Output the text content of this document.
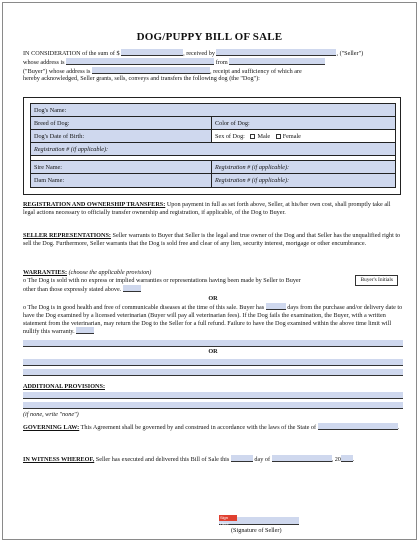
DOG/PUPPY BILL OF SALE
IN CONSIDERATION of the sum of $	, received by	, ("Seller")
whose address is	from
("Buyer") whose address is	, receipt and sufficiency of which are
hereby acknowledged, Seller grants, sells, conveys and transfers the following dog (the "Dog"):
Dog's Name:
Breed of Dog:	Color of Dog:
Dog's Date of Birth:	Sex of Dog: Male Female
Registration # (if applicable):
Sire Name:	Registration # (if applicable):
Dam Name:	Registration # (if applicable):
REGISTRATION AND OWNERSHIP TRANSFERS: Upon payment in full as set forth above, Seller, at his/her own cost, shall promptly take all legal actions necessary to officially transfer ownership and registration, if applicable, of the Dog to Buyer.
SELLER REPRESENTATIONS: Seller warrants to Buyer that Seller is the legal and true owner of the Dog and that Seller has the unqualified right to sell the Dog. Furthermore, Seller warrants that the Dog is sold free and clear of any lien, security interest, mortgage or other encumbrance.
WARRANTIES: (choose the applicable provision)
Buyer's Initials
o The Dog is sold with no express or implied warranties or representations having been made by Seller to Buyer other than those expressly stated above.
OR
o The Dog is in good health and free of communicable diseases at the time of this sale. Buyer has	days from the purchase and/or delivery date to have the Dog examined by a licensed veterinarian (Buyer will pay all veterinarian fees). If the Dog fails the examination, the Buyer, with a written statement from the veterinarian, may return the Dog to the Seller for a full refund. Failure to have the Dog examined within the above time limit will nullify this warranty.
OR
ADDITIONAL PROVISIONS:
(if none, write "none")
GOVERNING LAW: This Agreement shall be governed by and construed in accordance with the laws of the State of	.
IN WITNESS WHEREOF, Seller has executed and delivered this Bill of Sale this	day of	, 20 .
Sign Here
(Signature of Seller)
